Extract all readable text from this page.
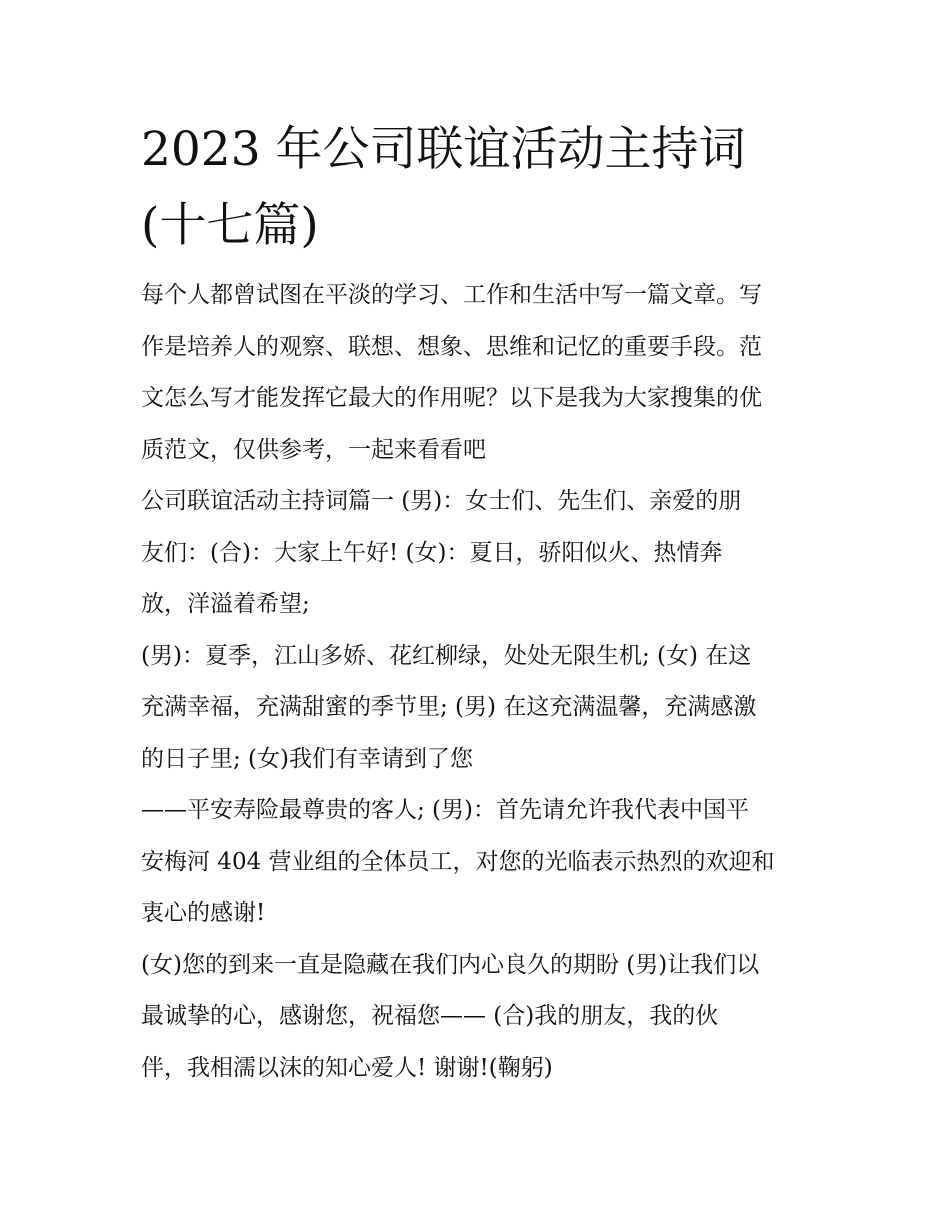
2023 年公司联谊活动主持词
(十七篇)
每个人都曾试图在平淡的学习、工作和生活中写一篇文章。写
作是培养人的观察、联想、想象、思维和记忆的重要手段。范
文怎么写才能发挥它最大的作用呢？以下是我为大家搜集的优
质范文，仅供参考，一起来看看吧
公司联谊活动主持词篇一 (男)：女士们、先生们、亲爱的朋
友们：(合)：大家上午好! (女)：夏日，骄阳似火、热情奔
放，洋溢着希望;
(男)：夏季，江山多娇、花红柳绿，处处无限生机; (女) 在这
充满幸福，充满甜蜜的季节里; (男) 在这充满温馨，充满感激
的日子里; (女)我们有幸请到了您
——平安寿险最尊贵的客人; (男)：首先请允许我代表中国平
安梅河 404 营业组的全体员工，对您的光临表示热烈的欢迎和
衷心的感谢!
(女)您的到来一直是隐藏在我们内心良久的期盼 (男)让我们以
最诚挚的心，感谢您，祝福您—— (合)我的朋友，我的伙
伴，我相濡以沫的知心爱人! 谢谢!(鞠躬)
